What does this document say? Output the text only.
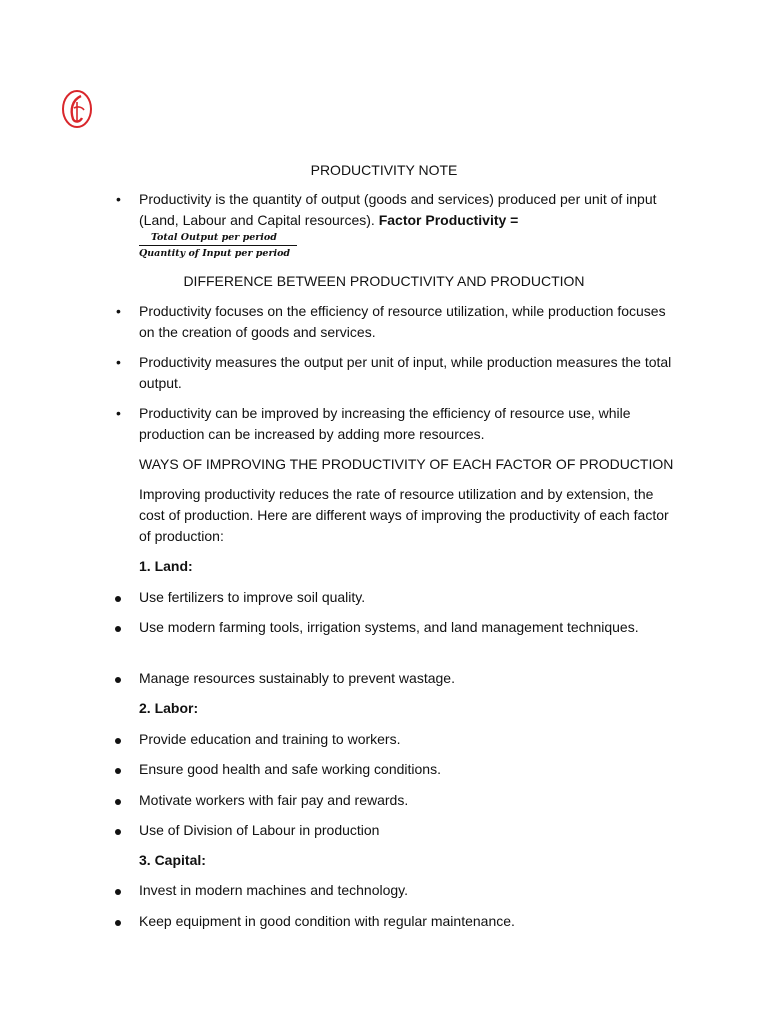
PRODUCTIVITY NOTE
• Productivity is the quantity of output (goods and services) produced per unit of input (Land, Labour and Capital resources). Factor Productivity =
Total Output per period
Quantity of Input per period
DIFFERENCE BETWEEN PRODUCTIVITY AND PRODUCTION
• Productivity focuses on the efficiency of resource utilization, while production focuses on the creation of goods and services.
• Productivity measures the output per unit of input, while production measures the total output.
• Productivity can be improved by increasing the efficiency of resource use, while production can be increased by adding more resources.
WAYS OF IMPROVING THE PRODUCTIVITY OF EACH FACTOR OF PRODUCTION
Improving productivity reduces the rate of resource utilization and by extension, the cost of production. Here are different ways of improving the productivity of each factor of production:
1. Land:
Use fertilizers to improve soil quality.
Use modern farming tools, irrigation systems, and land management techniques.
Manage resources sustainably to prevent wastage.
2. Labor:
Provide education and training to workers.
Ensure good health and safe working conditions.
Motivate workers with fair pay and rewards.
Use of Division of Labour in production
3. Capital:
Invest in modern machines and technology.
Keep equipment in good condition with regular maintenance.
